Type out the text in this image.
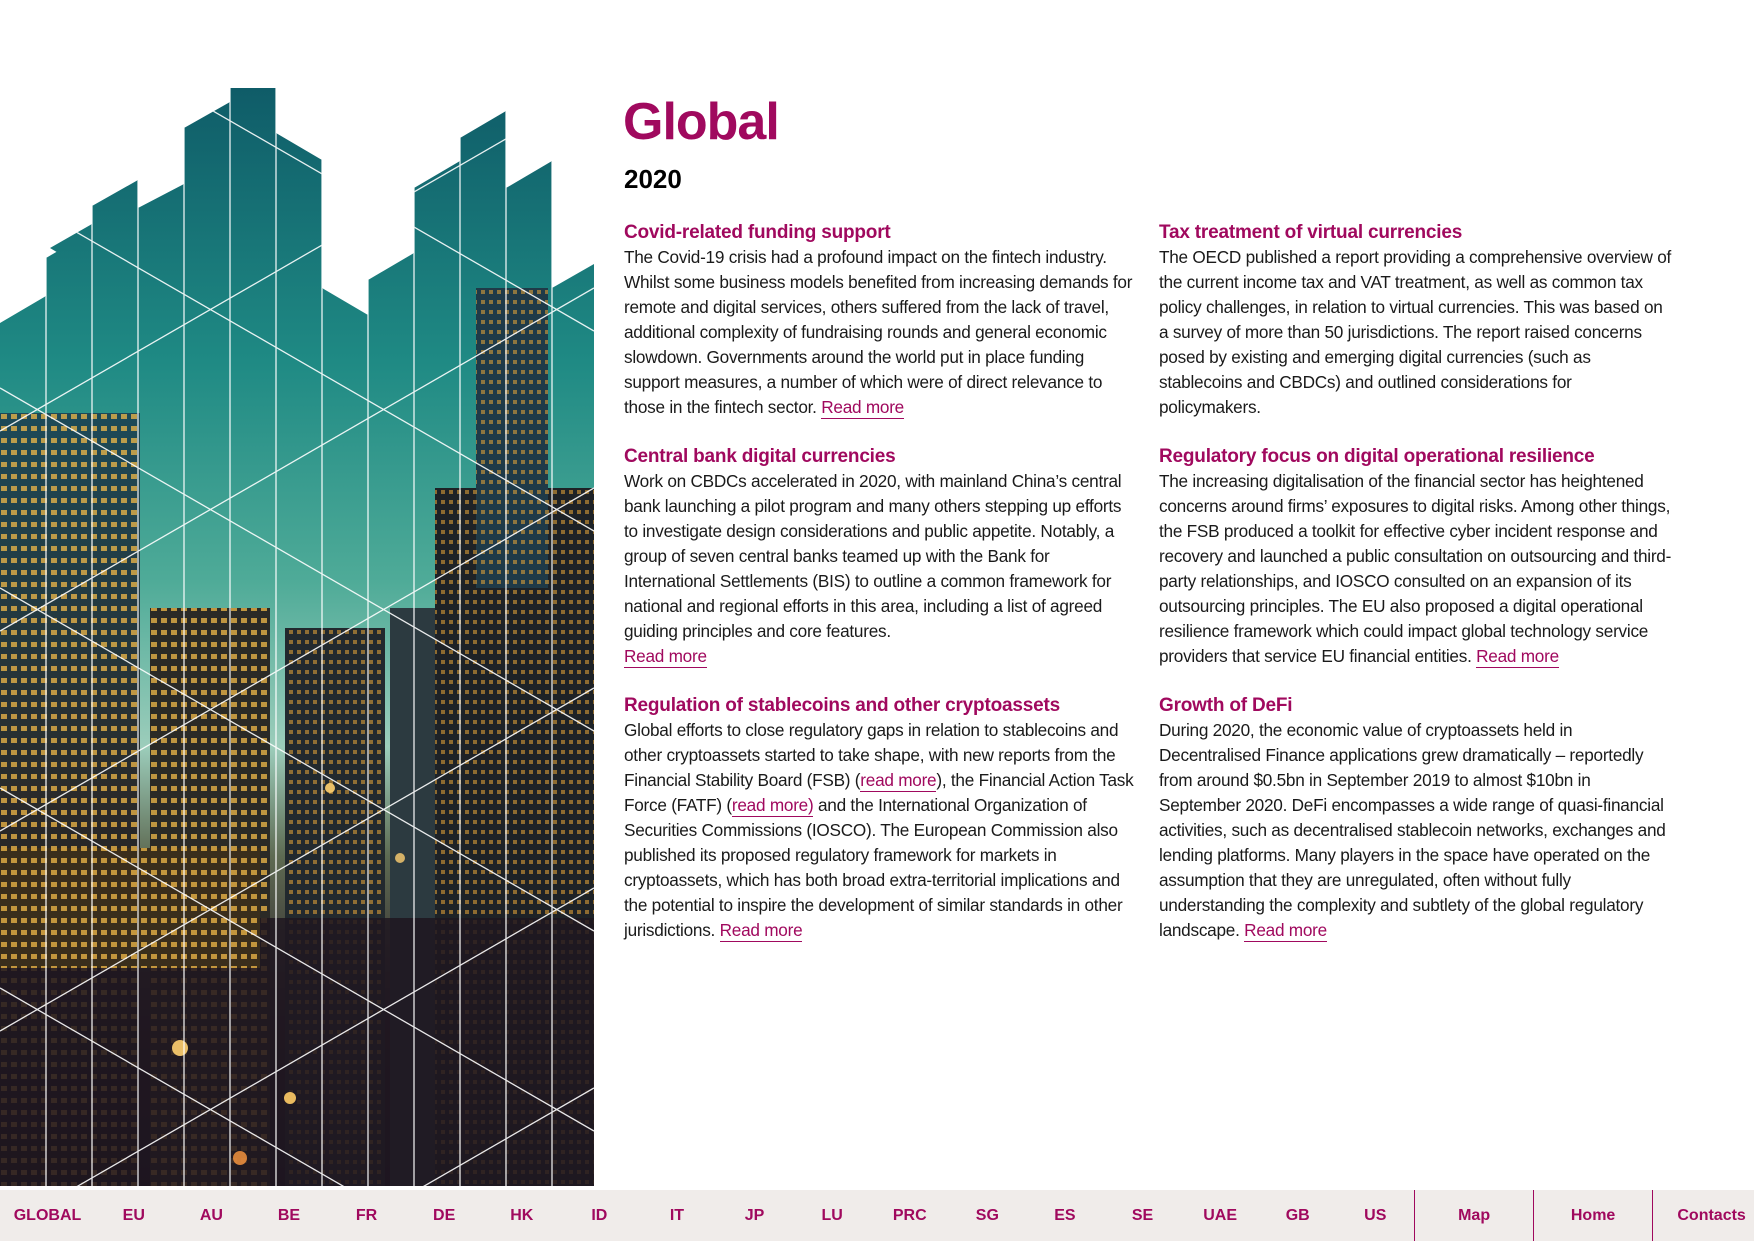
Global
2020
Covid-related funding support

The Covid-19 crisis had a profound impact on the fintech industry. Whilst some business models benefited from increasing demands for remote and digital services, others suffered from the lack of travel, additional complexity of fundraising rounds and general economic slowdown. Governments around the world put in place funding support measures, a number of which were of direct relevance to those in the fintech sector. Read more

Central bank digital currencies

Work on CBDCs accelerated in 2020, with mainland China’s central bank launching a pilot program and many others stepping up efforts to investigate design considerations and public appetite. Notably, a group of seven central banks teamed up with the Bank for International Settlements (BIS) to outline a common framework for national and regional efforts in this area, including a list of agreed guiding principles and core features.
Read more

Regulation of stablecoins and other cryptoassets

Global efforts to close regulatory gaps in relation to stablecoins and other cryptoassets started to take shape, with new reports from the Financial Stability Board (FSB) (read more), the Financial Action Task Force (FATF) (read more) and the International Organization of Securities Commissions (IOSCO). The European Commission also published its proposed regulatory framework for markets in cryptoassets, which has both broad extra-territorial implications and the potential to inspire the development of similar standards in other jurisdictions. Read more

Tax treatment of virtual currencies

The OECD published a report providing a comprehensive overview of the current income tax and VAT treatment, as well as common tax policy challenges, in relation to virtual currencies. This was based on a survey of more than 50 jurisdictions. The report raised concerns posed by existing and emerging digital currencies (such as stablecoins and CBDCs) and outlined considerations for policymakers.

Regulatory focus on digital operational resilience

The increasing digitalisation of the financial sector has heightened concerns around firms’ exposures to digital risks. Among other things, the FSB produced a toolkit for effective cyber incident response and recovery and launched a public consultation on outsourcing and third-party relationships, and IOSCO consulted on an expansion of its outsourcing principles. The EU also proposed a digital operational resilience framework which could impact global technology service providers that service EU financial entities. Read more

Growth of DeFi

During 2020, the economic value of cryptoassets held in Decentralised Finance applications grew dramatically – reportedly from around $0.5bn in September 2019 to almost $10bn in September 2020. DeFi encompasses a wide range of quasi-financial activities, such as decentralised stablecoin networks, exchanges and lending platforms. Many players in the space have operated on the assumption that they are unregulated, often without fully understanding the complexity and subtlety of the global regulatory landscape. Read more

GLOBAL	EU	AU	BE	FR	DE	HK	ID	IT	JP	LU	PRC	SG	ES	SE	UAE	GB	US	Map	Home	Contacts
